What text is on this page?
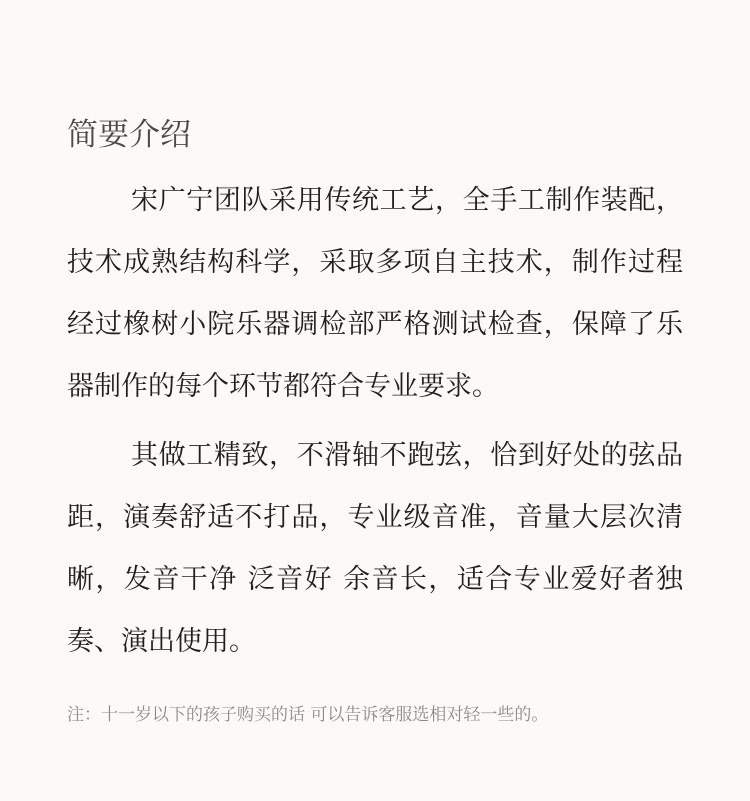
简要介绍

宋广宁团队采用传统工艺，全手工制作装配，技术成熟结构科学，采取多项自主技术，制作过程经过橡树小院乐器调检部严格测试检查，保障了乐器制作的每个环节都符合专业要求。

其做工精致，不滑轴不跑弦，恰到好处的弦品距，演奏舒适不打品，专业级音准，音量大层次清晰，发音干净 泛音好 余音长，适合专业爱好者独奏、演出使用。

注：十一岁以下的孩子购买的话 可以告诉客服选相对轻一些的。
